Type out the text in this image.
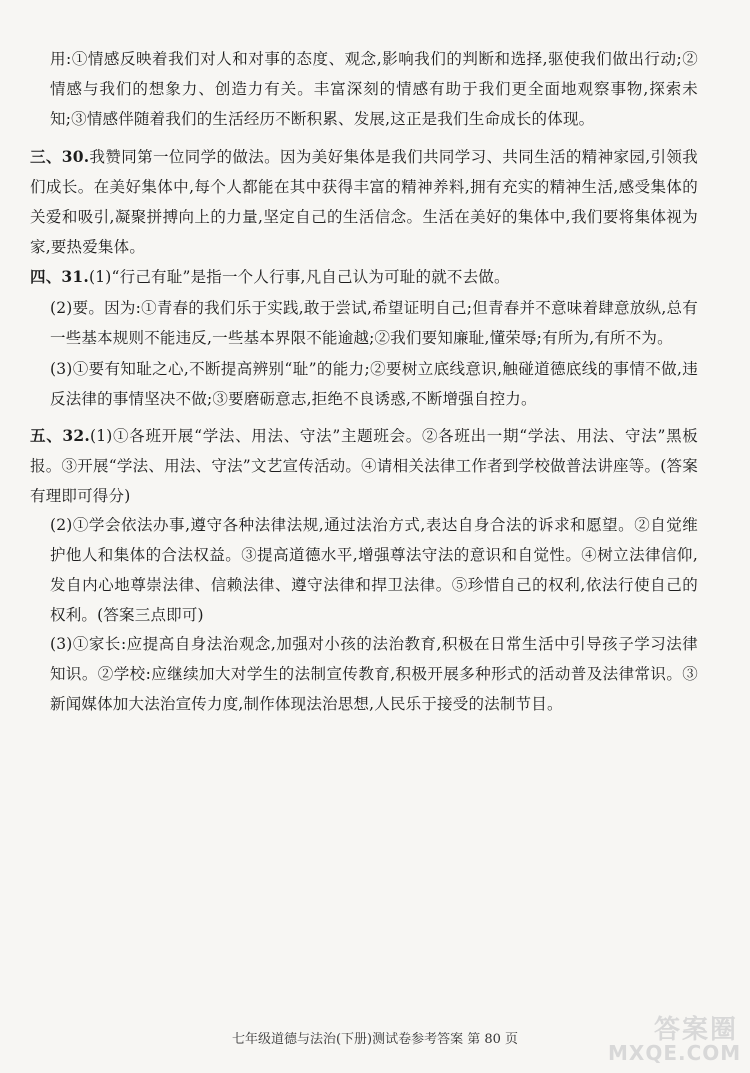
用:①情感反映着我们对人和对事的态度、观念,影响我们的判断和选择,驱使我们做出行动;②情感与我们的想象力、创造力有关。丰富深刻的情感有助于我们更全面地观察事物,探索未知;③情感伴随着我们的生活经历不断积累、发展,这正是我们生命成长的体现。
三、30.我赞同第一位同学的做法。因为美好集体是我们共同学习、共同生活的精神家园,引领我们成长。在美好集体中,每个人都能在其中获得丰富的精神养料,拥有充实的精神生活,感受集体的关爱和吸引,凝聚拼搏向上的力量,坚定自己的生活信念。生活在美好的集体中,我们要将集体视为家,要热爱集体。
四、31.(1)“行己有耻”是指一个人行事,凡自己认为可耻的就不去做。
(2)要。因为:①青春的我们乐于实践,敢于尝试,希望证明自己;但青春并不意味着肆意放纵,总有一些基本规则不能违反,一些基本界限不能逾越;②我们要知廉耻,懂荣辱;有所为,有所不为。
(3)①要有知耻之心,不断提高辨别“耻”的能力;②要树立底线意识,触碰道德底线的事情不做,违反法律的事情坚决不做;③要磨砺意志,拒绝不良诱惑,不断增强自控力。
五、32.(1)①各班开展“学法、用法、守法”主题班会。②各班出一期“学法、用法、守法”黑板报。③开展“学法、用法、守法”文艺宣传活动。④请相关法律工作者到学校做普法讲座等。(答案有理即可得分)
(2)①学会依法办事,遵守各种法律法规,通过法治方式,表达自身合法的诉求和愿望。②自觉维护他人和集体的合法权益。③提高道德水平,增强尊法守法的意识和自觉性。④树立法律信仰,发自内心地尊崇法律、信赖法律、遵守法律和捍卫法律。⑤珍惜自己的权利,依法行使自己的权利。(答案三点即可)
(3)①家长:应提高自身法治观念,加强对小孩的法治教育,积极在日常生活中引导孩子学习法律知识。②学校:应继续加大对学生的法制宣传教育,积极开展多种形式的活动普及法律常识。③新闻媒体加大法治宣传力度,制作体现法治思想,人民乐于接受的法制节目。
七年级道德与法治(下册)测试卷参考答案 第 80 页	答案圈
MXQE.COM
